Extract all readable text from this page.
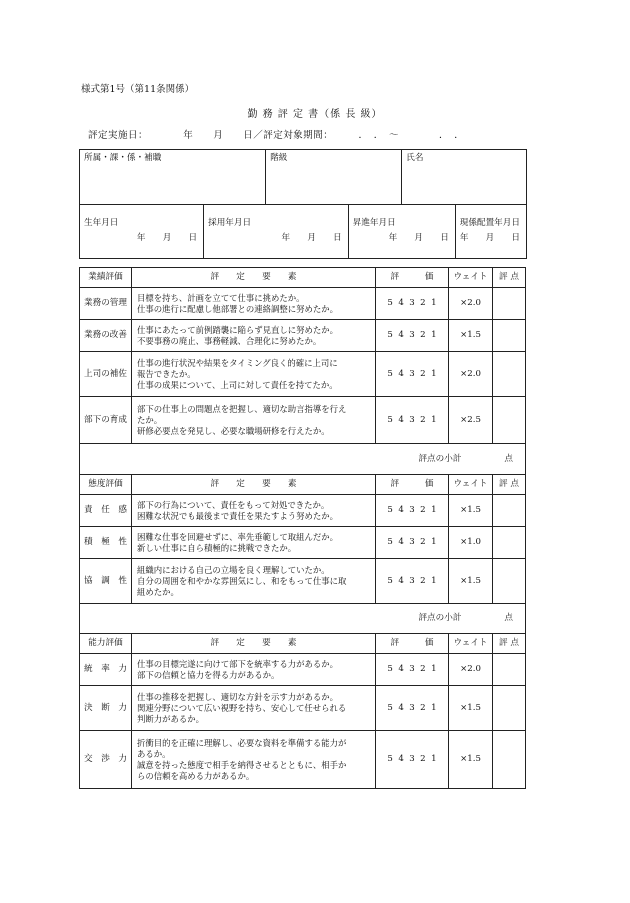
様式第1号（第11条関係）
勤 務 評 定 書（係 長 級）
評定実施日：　　　　年　　月　　日／評定対象期間：　　　．　．　～　　　　．　．
所属・課・係・補職		階級		氏名	

生年月日
年　　月　　日	採用年月日
年　　月　　日		昇進年月日
年　　月　　日		現係配置年月日
年　　月　　日
業績評価	評　　定　　要　　素	評　　　価	ウェイト	評 点
業務の管理	目標を持ち、計画を立てて仕事に挑めたか。
仕事の進行に配慮し他部署との連絡調整に努めたか。	5  4  3  2  1	×2.0	
業務の改善	仕事にあたって前例踏襲に陥らず見直しに努めたか。
不要事務の廃止、事務軽減、合理化に努めたか。	5  4  3  2  1	×1.5	
上司の補佐	仕事の進行状況や結果をタイミング良く的確に上司に
報告できたか。
仕事の成果について、上司に対して責任を持てたか。	5  4  3  2  1	×2.0	
部下の育成	部下の仕事上の問題点を把握し、適切な助言指導を行え
たか。
研修必要点を発見し、必要な職場研修を行えたか。	5  4  3  2  1	×2.5	
評点の小計　　　　　点				
態度評価	評　　定　　要　　素	評　　　価	ウェイト	評 点
責　任　感	部下の行為について、責任をもって対処できたか。
困難な状況でも最後まで責任を果たすよう努めたか。	5  4  3  2  1	×1.5	
積　極　性	困難な仕事を回避せずに、率先垂範して取組んだか。
新しい仕事に自ら積極的に挑戦できたか。	5  4  3  2  1	×1.0	
協　調　性	組織内における自己の立場を良く理解していたか。
自分の周囲を和やかな雰囲気にし、和をもって仕事に取
組めたか。	5  4  3  2  1	×1.5	
評点の小計　　　　　点				
能力評価	評　　定　　要　　素	評　　　価	ウェイト	評 点
統　率　力	仕事の目標完遂に向けて部下を統率する力があるか。
部下の信頼と協力を得る力があるか。	5  4  3  2  1	×2.0	
決　断　力	仕事の推移を把握し、適切な方針を示す力があるか。
関連分野について広い視野を持ち、安心して任せられる
判断力があるか。	5  4  3  2  1	×1.5	
交　渉　力	折衝目的を正確に理解し、必要な資料を準備する能力が
あるか。
誠意を持った態度で相手を納得させるとともに、相手か
らの信頼を高める力があるか。	5  4  3  2  1	×1.5	
